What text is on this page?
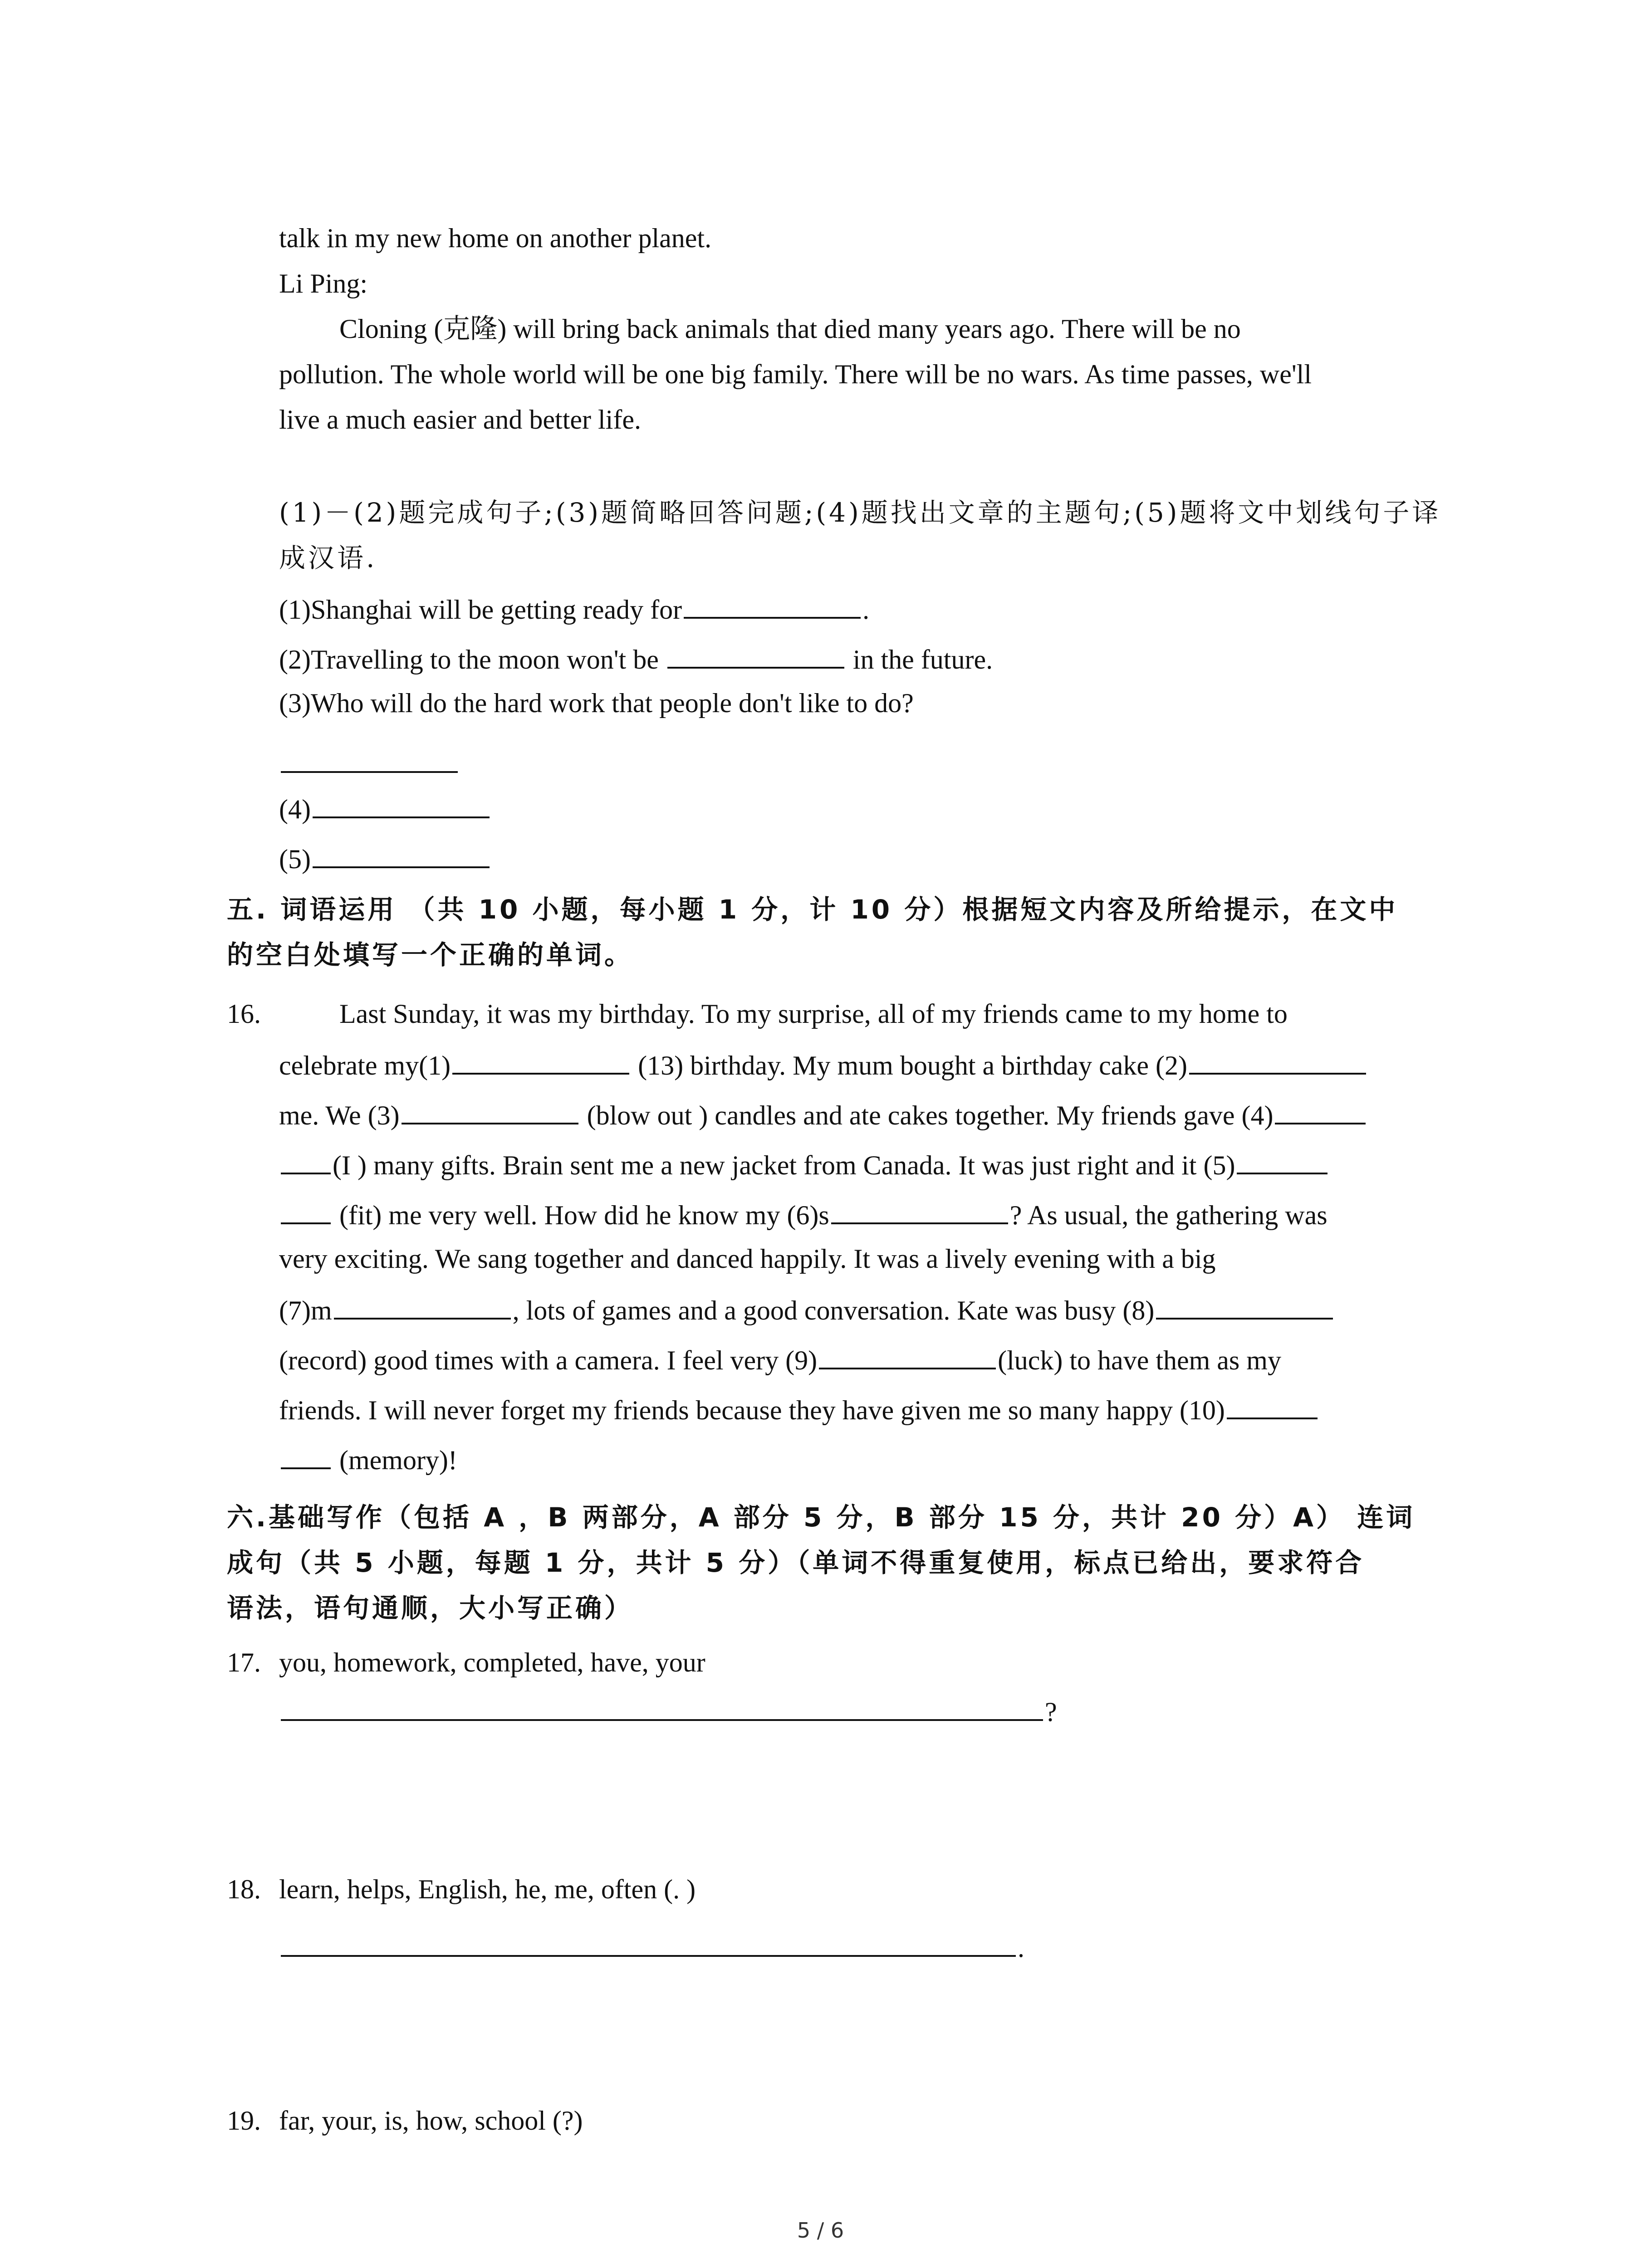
talk in my new home on another planet.

Li Ping:

Cloning (克隆) will bring back animals that died many years ago. There will be no

pollution. The whole world will be one big family. There will be no wars. As time passes, we'll

live a much easier and better life.

(1)－(2)题完成句子;(3)题简略回答问题;(4)题找出文章的主题句;(5)题将文中划线句子译

成汉语.

(1)Shanghai will be getting ready for	.

(2)Travelling to the moon won't be	in the future.

(3)Who will do the hard work that people don't like to do?

(4)

(5)

五. 词语运用 （共 10 小题，每小题 1 分，计 10 分）根据短文内容及所给提示，在文中

的空白处填写一个正确的单词。

16.	Last Sunday, it was my birthday. To my surprise, all of my friends came to my home to

celebrate my(1)	(13) birthday. My mum bought a birthday cake (2)

me. We (3)	(blow out ) candles and ate cakes together. My friends gave (4)

(I ) many gifts. Brain sent me a new jacket from Canada. It was just right and it (5)

(fit) me very well. How did he know my (6)s	? As usual, the gathering was

very exciting. We sang together and danced happily. It was a lively evening with a big

(7)m	, lots of games and a good conversation. Kate was busy (8)

(record) good times with a camera. I feel very (9)	(luck) to have them as my

friends. I will never forget my friends because they have given me so many happy (10)

(memory)!

六.基础写作（包括 A ，B 两部分，A 部分 5 分，B 部分 15 分，共计 20 分）A） 连词

成句（共 5 小题，每题 1 分，共计 5 分）（单词不得重复使用，标点已给出，要求符合

语法，语句通顺，大小写正确）

17. you, homework, completed, have, your

?

18. learn, helps, English, he, me, often (. )

.

19. far, your, is, how, school (?)

5 / 6
